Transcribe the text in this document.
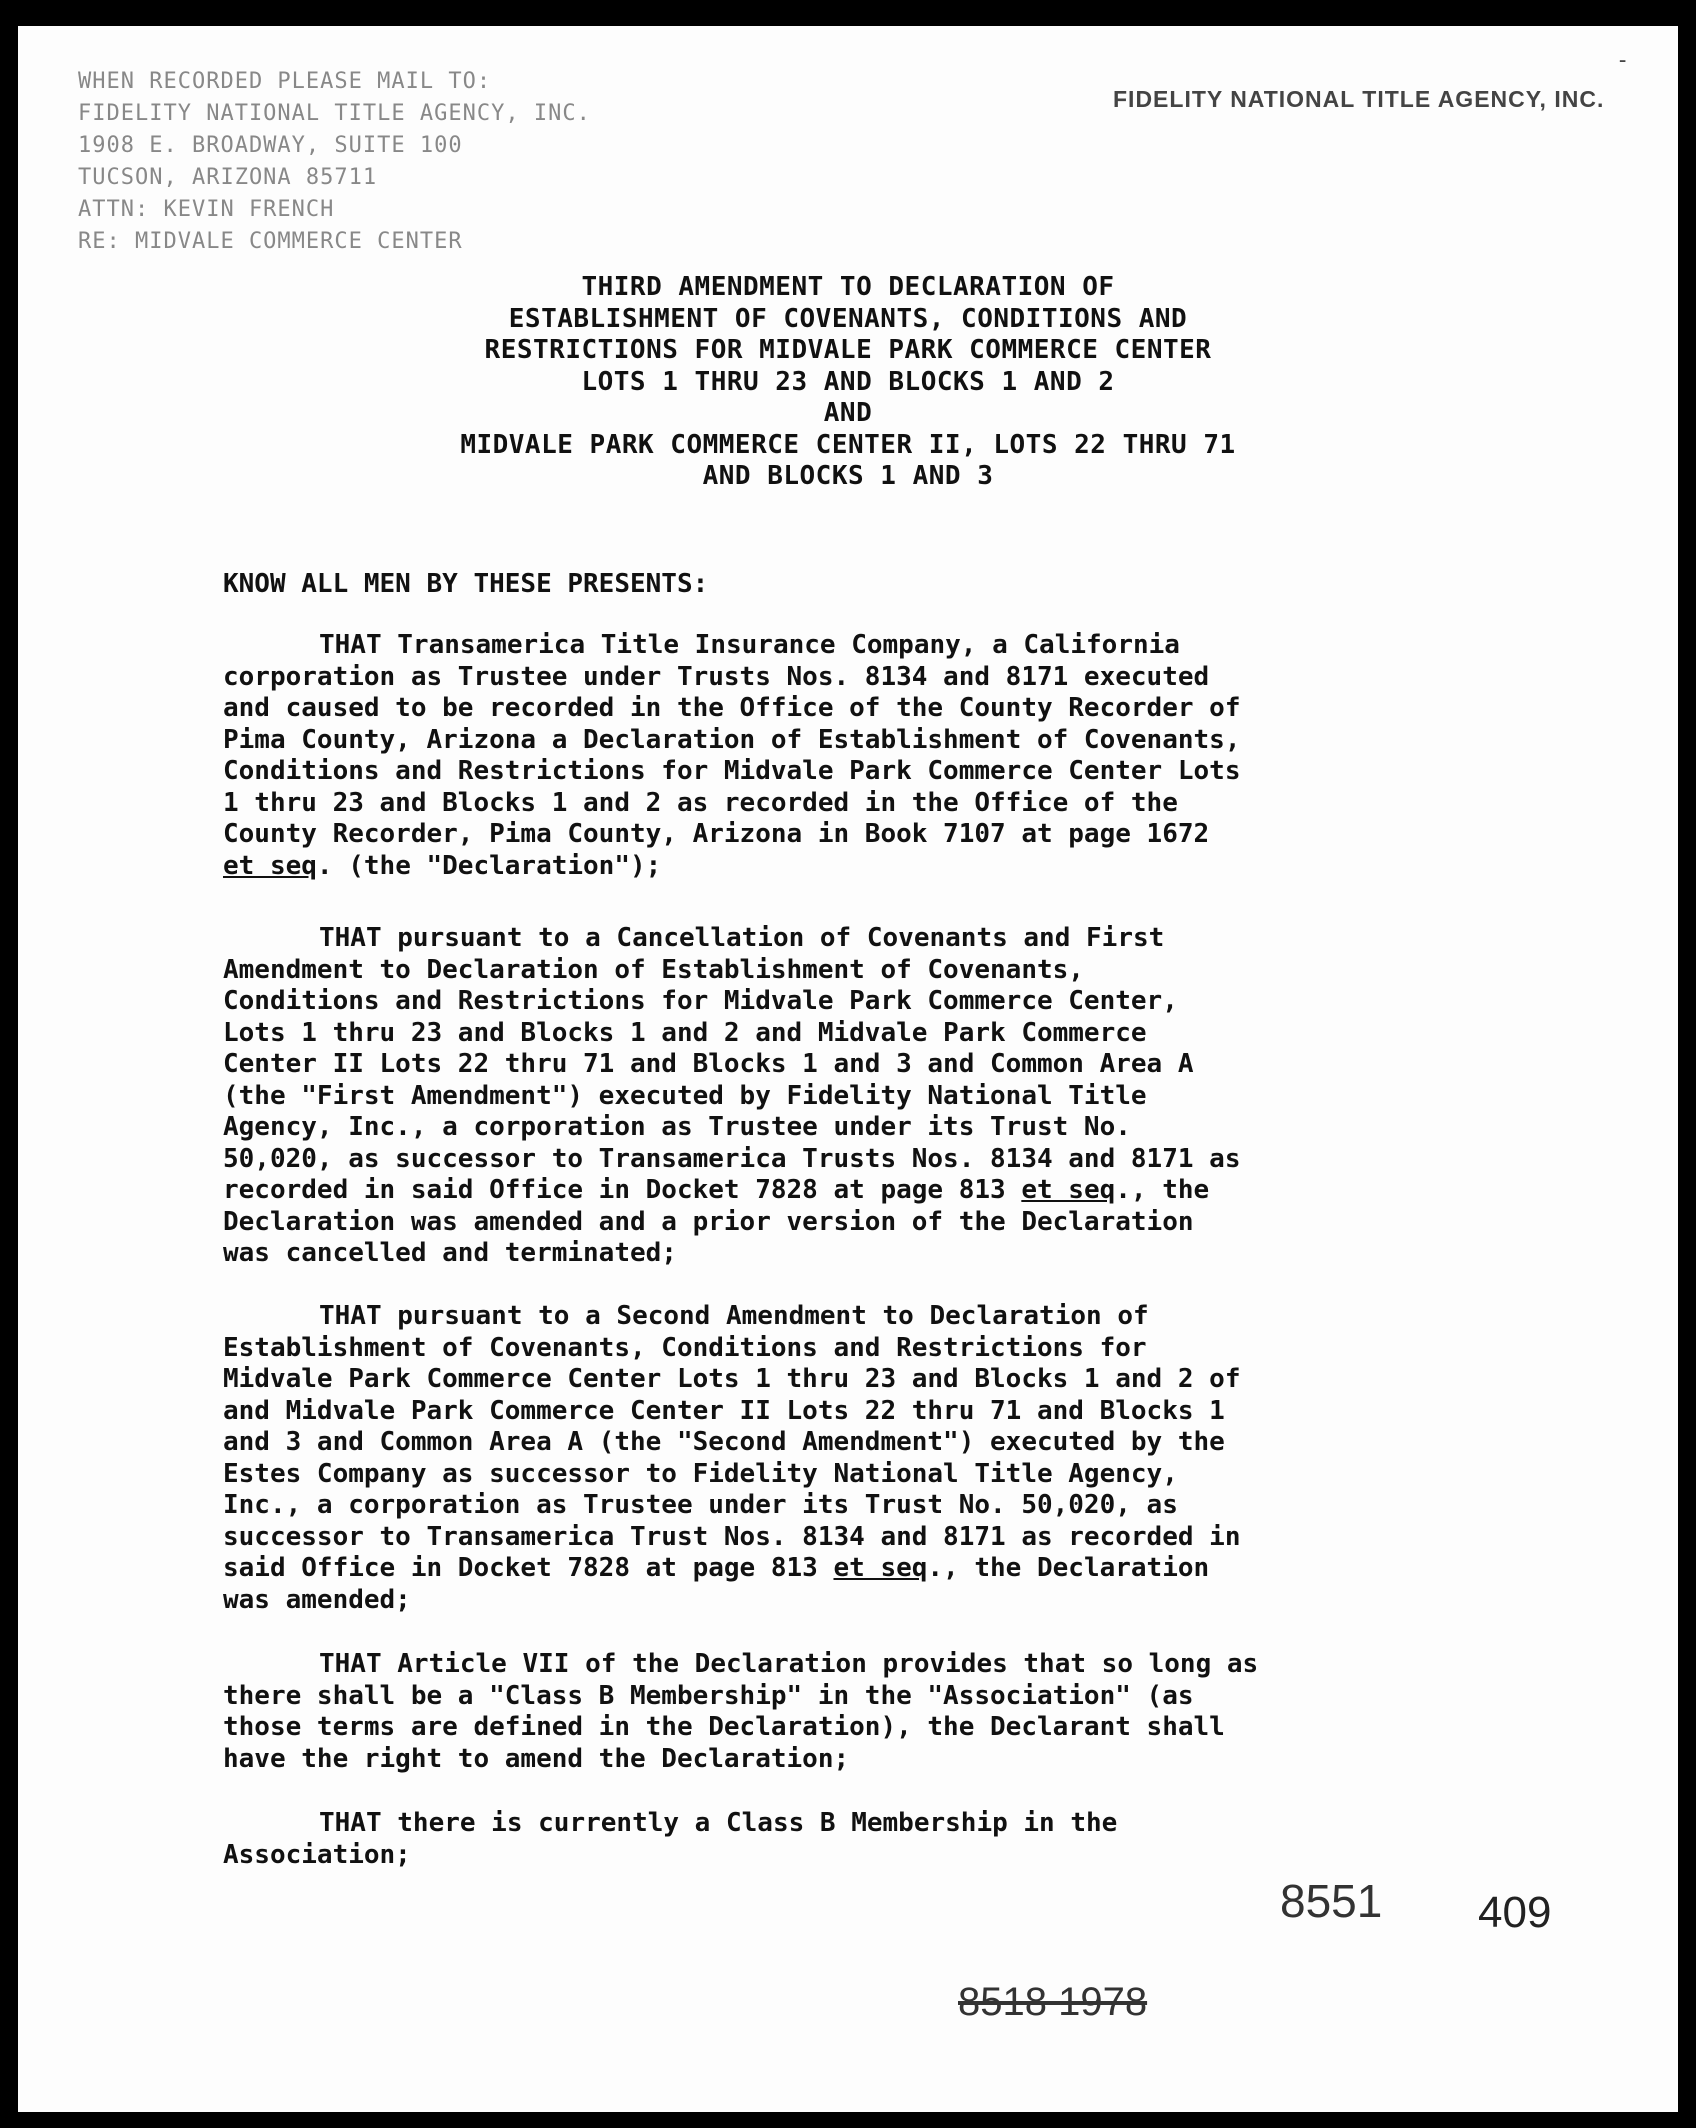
-
WHEN RECORDED PLEASE MAIL TO:
FIDELITY NATIONAL TITLE AGENCY, INC.
1908 E. BROADWAY, SUITE 100
TUCSON, ARIZONA 85711
ATTN: KEVIN FRENCH
RE: MIDVALE COMMERCE CENTER
FIDELITY NATIONAL TITLE AGENCY, INC.
THIRD AMENDMENT TO DECLARATION OF
ESTABLISHMENT OF COVENANTS, CONDITIONS AND
RESTRICTIONS FOR MIDVALE PARK COMMERCE CENTER
LOTS 1 THRU 23 AND BLOCKS 1 AND 2
AND
MIDVALE PARK COMMERCE CENTER II, LOTS 22 THRU 71
AND BLOCKS 1 AND 3
KNOW ALL MEN BY THESE PRESENTS:
THAT Transamerica Title Insurance Company, a California
corporation as Trustee under Trusts Nos. 8134 and 8171 executed
and caused to be recorded in the Office of the County Recorder of
Pima County, Arizona a Declaration of Establishment of Covenants,
Conditions and Restrictions for Midvale Park Commerce Center Lots
1 thru 23 and Blocks 1 and 2 as recorded in the Office of the
County Recorder, Pima County, Arizona in Book 7107 at page 1672
et seq. (the "Declaration");
THAT pursuant to a Cancellation of Covenants and First
Amendment to Declaration of Establishment of Covenants,
Conditions and Restrictions for Midvale Park Commerce Center,
Lots 1 thru 23 and Blocks 1 and 2 and Midvale Park Commerce
Center II Lots 22 thru 71 and Blocks 1 and 3 and Common Area A
(the "First Amendment") executed by Fidelity National Title
Agency, Inc., a corporation as Trustee under its Trust No.
50,020, as successor to Transamerica Trusts Nos. 8134 and 8171 as
recorded in said Office in Docket 7828 at page 813 et seq., the
Declaration was amended and a prior version of the Declaration
was cancelled and terminated;
THAT pursuant to a Second Amendment to Declaration of
Establishment of Covenants, Conditions and Restrictions for
Midvale Park Commerce Center Lots 1 thru 23 and Blocks 1 and 2 of
and Midvale Park Commerce Center II Lots 22 thru 71 and Blocks 1
and 3 and Common Area A (the "Second Amendment") executed by the
Estes Company as successor to Fidelity National Title Agency,
Inc., a corporation as Trustee under its Trust No. 50,020, as
successor to Transamerica Trust Nos. 8134 and 8171 as recorded in
said Office in Docket 7828 at page 813 et seq., the Declaration
was amended;
THAT Article VII of the Declaration provides that so long as
there shall be a "Class B Membership" in the "Association" (as
those terms are defined in the Declaration), the Declarant shall
have the right to amend the Declaration;
THAT there is currently a Class B Membership in the
Association;
8551 409
8518 1978
